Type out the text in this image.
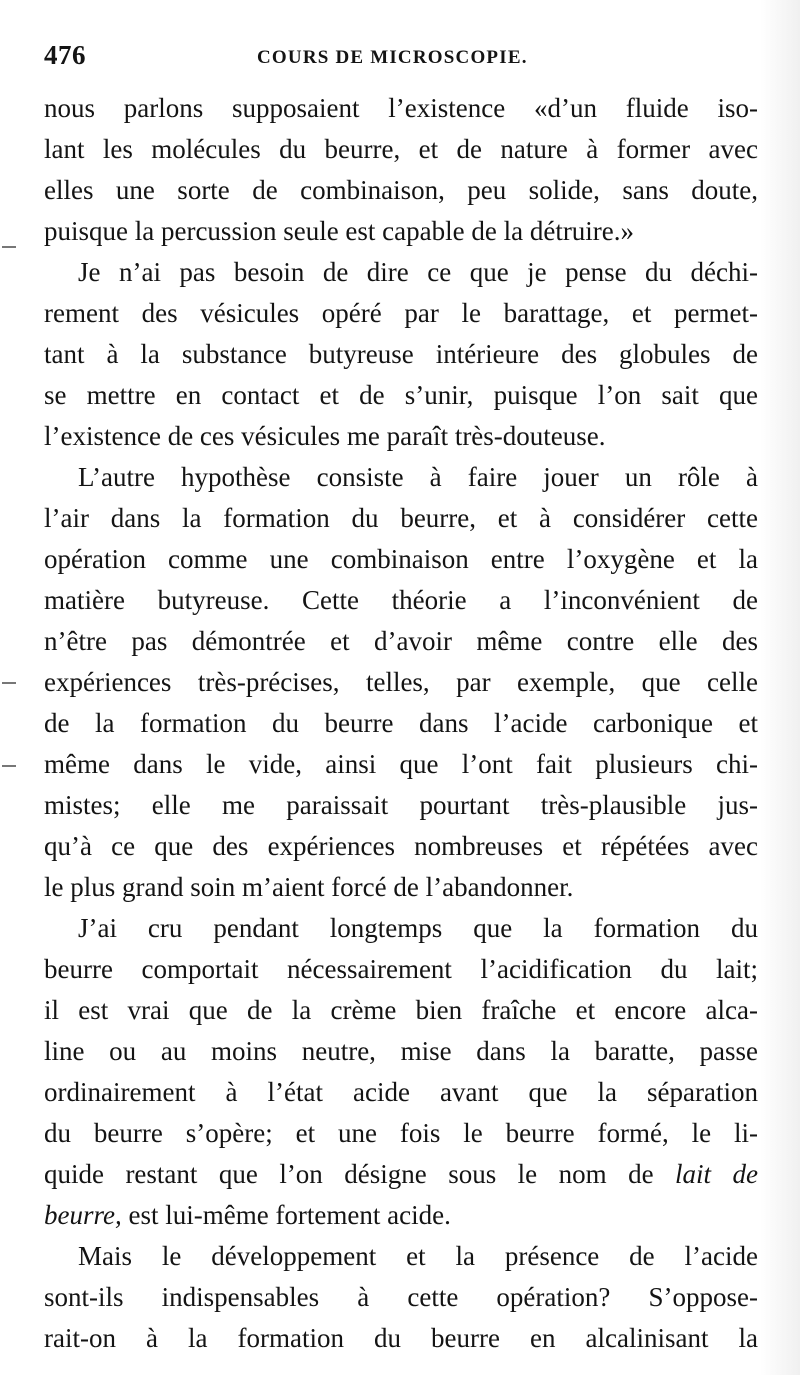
476	COURS DE MICROSCOPIE.
nous parlons supposaient l’existence «d’un fluide iso-
lant les molécules du beurre, et de nature à former avec
elles une sorte de combinaison, peu solide, sans doute,
puisque la percussion seule est capable de la détruire.»
Je n’ai pas besoin de dire ce que je pense du déchi-
rement des vésicules opéré par le barattage, et permet-
tant à la substance butyreuse intérieure des globules de
se mettre en contact et de s’unir, puisque l’on sait que
l’existence de ces vésicules me paraît très-douteuse.
L’autre hypothèse consiste à faire jouer un rôle à
l’air dans la formation du beurre, et à considérer cette
opération comme une combinaison entre l’oxygène et la
matière butyreuse. Cette théorie a l’inconvénient de
n’être pas démontrée et d’avoir même contre elle des
expériences très-précises, telles, par exemple, que celle
de la formation du beurre dans l’acide carbonique et
même dans le vide, ainsi que l’ont fait plusieurs chi-
mistes; elle me paraissait pourtant très-plausible jus-
qu’à ce que des expériences nombreuses et répétées avec
le plus grand soin m’aient forcé de l’abandonner.
J’ai cru pendant longtemps que la formation du
beurre comportait nécessairement l’acidification du lait;
il est vrai que de la crème bien fraîche et encore alca-
line ou au moins neutre, mise dans la baratte, passe
ordinairement à l’état acide avant que la séparation
du beurre s’opère; et une fois le beurre formé, le li-
quide restant que l’on désigne sous le nom de lait de
beurre, est lui-même fortement acide.
Mais le développement et la présence de l’acide
sont-ils indispensables à cette opération? S’oppose-
rait-on à la formation du beurre en alcalinisant la
